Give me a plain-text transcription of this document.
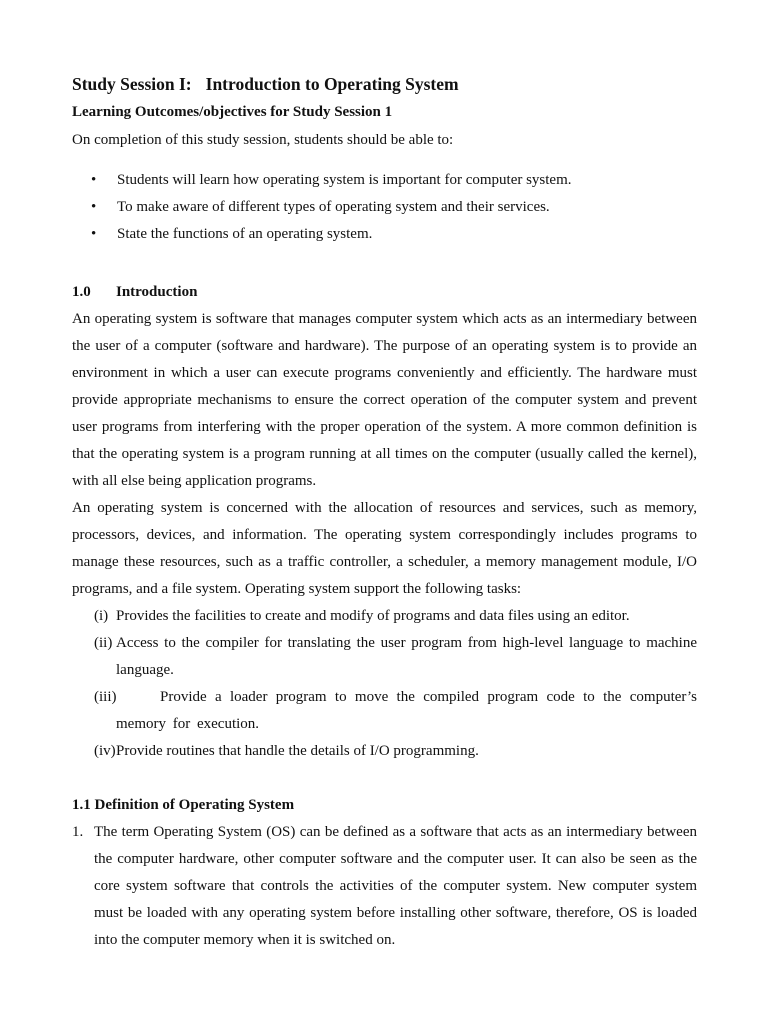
Study Session I: Introduction to Operating System
Learning Outcomes/objectives for Study Session 1

On completion of this study session, students should be able to:

• Students will learn how operating system is important for computer system.
• To make aware of different types of operating system and their services.
• State the functions of an operating system.
1.0 Introduction

An operating system is software that manages computer system which acts as an intermediary between the user of a computer (software and hardware). The purpose of an operating system is to provide an environment in which a user can execute programs conveniently and efficiently. The hardware must provide appropriate mechanisms to ensure the correct operation of the computer system and prevent user programs from interfering with the proper operation of the system. A more common definition is that the operating system is a program running at all times on the computer (usually called the kernel), with all else being application programs.

An operating system is concerned with the allocation of resources and services, such as memory, processors, devices, and information. The operating system correspondingly includes programs to manage these resources, such as a traffic controller, a scheduler, a memory management module, I/O programs, and a file system. Operating system support the following tasks:

(i) Provides the facilities to create and modify of programs and data files using an editor.
(ii) Access to the compiler for translating the user program from high-level language to machine language.
(iii)	Provide a loader program to move the compiled program code to the computer’s memory for execution.
(iv) Provide routines that handle the details of I/O programming.
1.1 Definition of Operating System
1. The term Operating System (OS) can be defined as a software that acts as an intermediary between the computer hardware, other computer software and the computer user. It can also be seen as the core system software that controls the activities of the computer system. New computer system must be loaded with any operating system before installing other software, therefore, OS is loaded into the computer memory when it is switched on.
